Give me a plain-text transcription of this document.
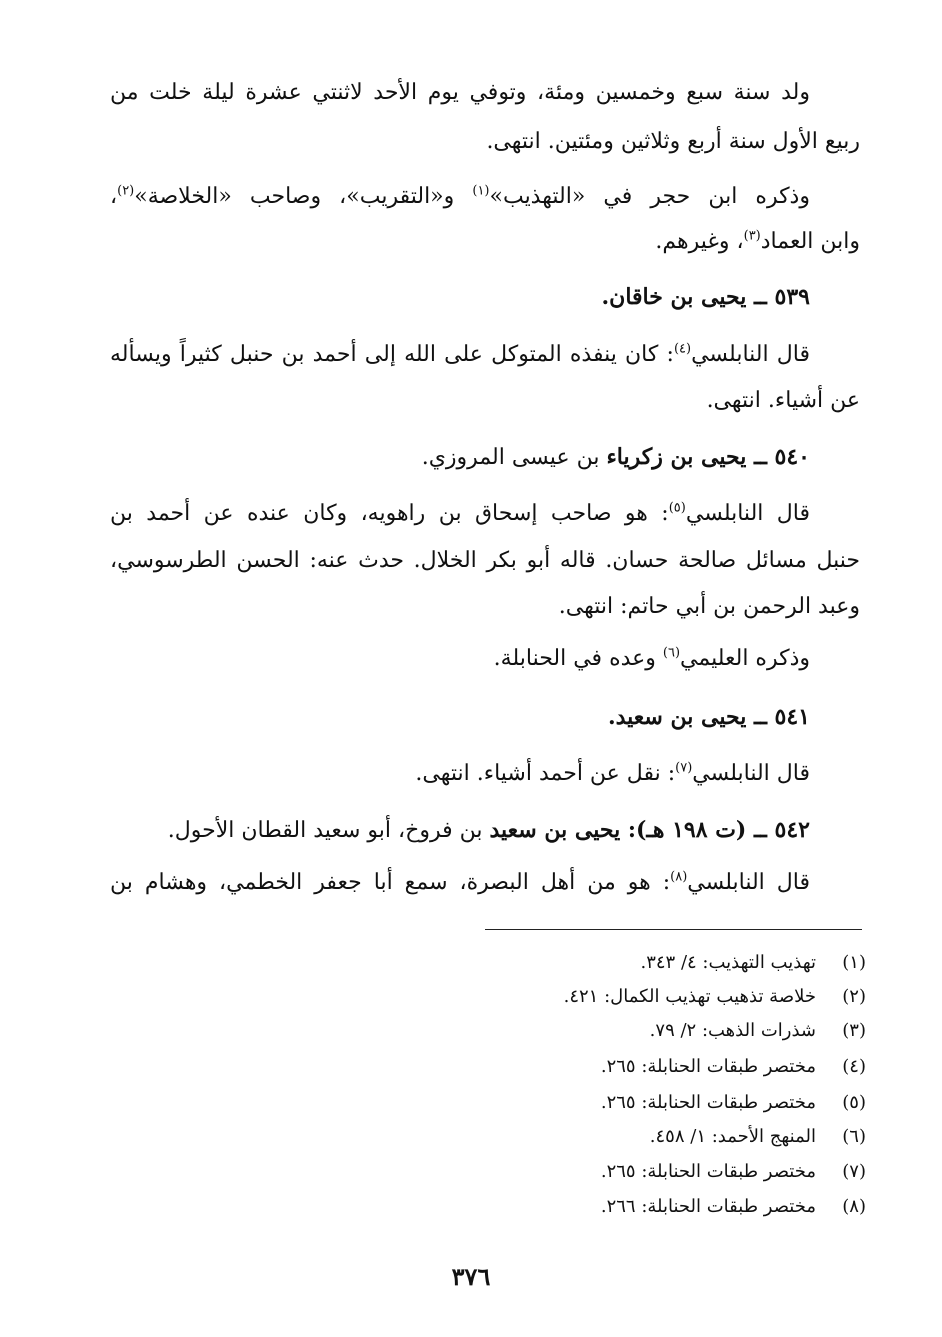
ولد سنة سبع وخمسين ومئة، وتوفي يوم الأحد لاثنتي عشرة ليلة خلت من
ربيع الأول سنة أربع وثلاثين ومئتين. انتهى.
وذكره ابن حجر في «التهذيب»$^{(١)}$ و«التقريب»، وصاحب «الخلاصة»$^{(٢)}$،
وابن العماد$^{(٣)}$، وغيرهم.
٥٣٩ ــ يحيى بن خاقان.
قال النابلسي$^{(٤)}$: كان ينفذه المتوكل على الله إلى أحمد بن حنبل كثيراً ويسأله
عن أشياء. انتهى.
٥٤٠ ــ يحيى بن زكرياء بن عيسى المروزي.
قال النابلسي$^{(٥)}$: هو صاحب إسحاق بن راهويه، وكان عنده عن أحمد بن
حنبل مسائل صالحة حسان. قاله أبو بكر الخلال. حدث عنه: الحسن الطرسوسي،
وعبد الرحمن بن أبي حاتم: انتهى.
وذكره العليمي$^{(٦)}$ وعده في الحنابلة.
٥٤١ ــ يحيى بن سعيد.
قال النابلسي$^{(٧)}$: نقل عن أحمد أشياء. انتهى.
٥٤٢ ــ (ت ١٩٨ هـ): يحيى بن سعيد بن فروخ، أبو سعيد القطان الأحول.
قال النابلسي$^{(٨)}$: هو من أهل البصرة، سمع أبا جعفر الخطمي، وهشام بن
(١)تهذيب التهذيب: ٤/ ٣٤٣.
(٢)خلاصة تذهيب تهذيب الكمال: ٤٢١.
(٣)شذرات الذهب: ٢/ ٧٩.
(٤)مختصر طبقات الحنابلة: ٢٦٥.
(٥)مختصر طبقات الحنابلة: ٢٦٥.
(٦)المنهج الأحمد: ١/ ٤٥٨.
(٧)مختصر طبقات الحنابلة: ٢٦٥.
(٨)مختصر طبقات الحنابلة: ٢٦٦.
٣٧٦
